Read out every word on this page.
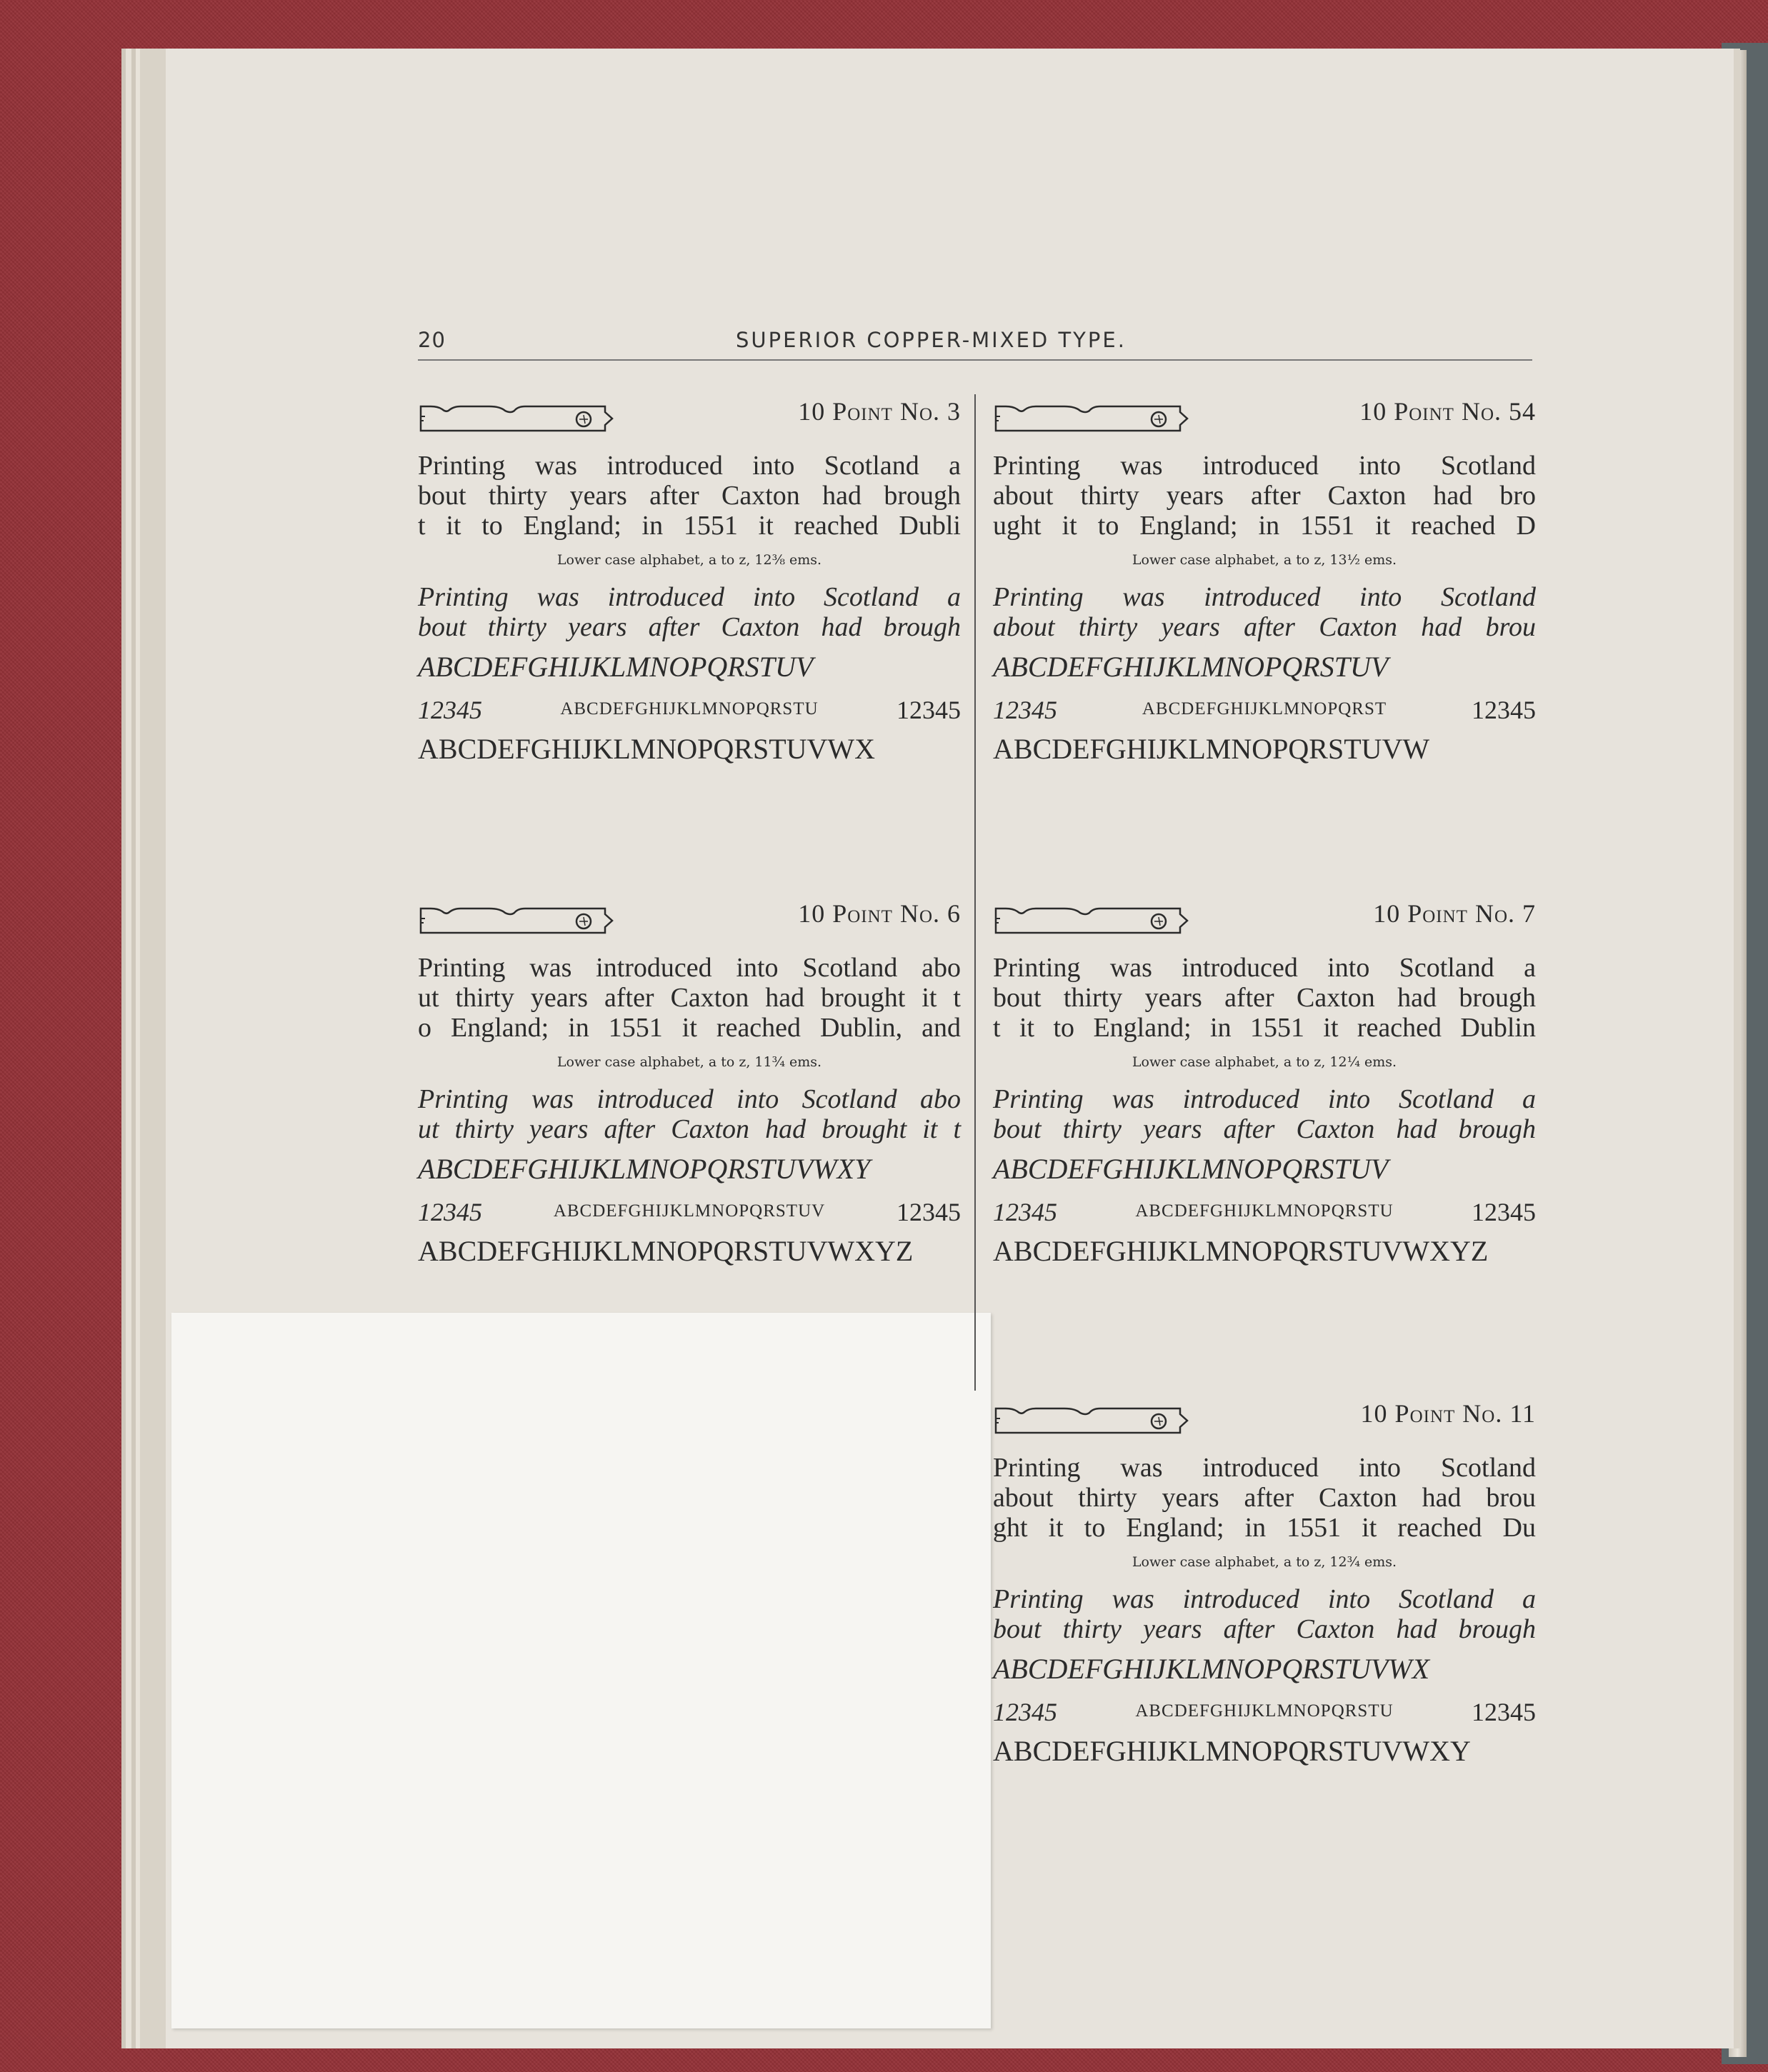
20	SUPERIOR COPPER-MIXED TYPE.
10 Point No. 3
Printing was introduced into Scotland a
bout thirty years after Caxton had brough
t it to England; in 1551 it reached Dubli
Lower case alphabet, a to z, 12⅜ ems.
Printing was introduced into Scotland a
bout thirty years after Caxton had brough
ABCDEFGHIJKLMNOPQRSTUV
12345	ABCDEFGHIJKLMNOPQRSTU	12345
ABCDEFGHIJKLMNOPQRSTUVWX
10 Point No. 54
Printing was introduced into Scotland
about thirty years after Caxton had bro
ught it to England; in 1551 it reached D
Lower case alphabet, a to z, 13½ ems.
Printing was introduced into Scotland
about thirty years after Caxton had brou
ABCDEFGHIJKLMNOPQRSTUV
12345	ABCDEFGHIJKLMNOPQRST	12345
ABCDEFGHIJKLMNOPQRSTUVW
10 Point No. 6
Printing was introduced into Scotland abo
ut thirty years after Caxton had brought it t
o England; in 1551 it reached Dublin, and
Lower case alphabet, a to z, 11¾ ems.
Printing was introduced into Scotland abo
ut thirty years after Caxton had brought it t
ABCDEFGHIJKLMNOPQRSTUVWXY
12345	ABCDEFGHIJKLMNOPQRSTUV	12345
ABCDEFGHIJKLMNOPQRSTUVWXYZ
10 Point No. 7
Printing was introduced into Scotland a
bout thirty years after Caxton had brough
t it to England; in 1551 it reached Dublin
Lower case alphabet, a to z, 12¼ ems.
Printing was introduced into Scotland a
bout thirty years after Caxton had brough
ABCDEFGHIJKLMNOPQRSTUV
12345	ABCDEFGHIJKLMNOPQRSTU	12345
ABCDEFGHIJKLMNOPQRSTUVWXYZ
10 Point No. 11
Printing was introduced into Scotland
about thirty years after Caxton had brou
ght it to England; in 1551 it reached Du
Lower case alphabet, a to z, 12¾ ems.
Printing was introduced into Scotland a
bout thirty years after Caxton had brough
ABCDEFGHIJKLMNOPQRSTUVWX
12345	ABCDEFGHIJKLMNOPQRSTU	12345
ABCDEFGHIJKLMNOPQRSTUVWXY
